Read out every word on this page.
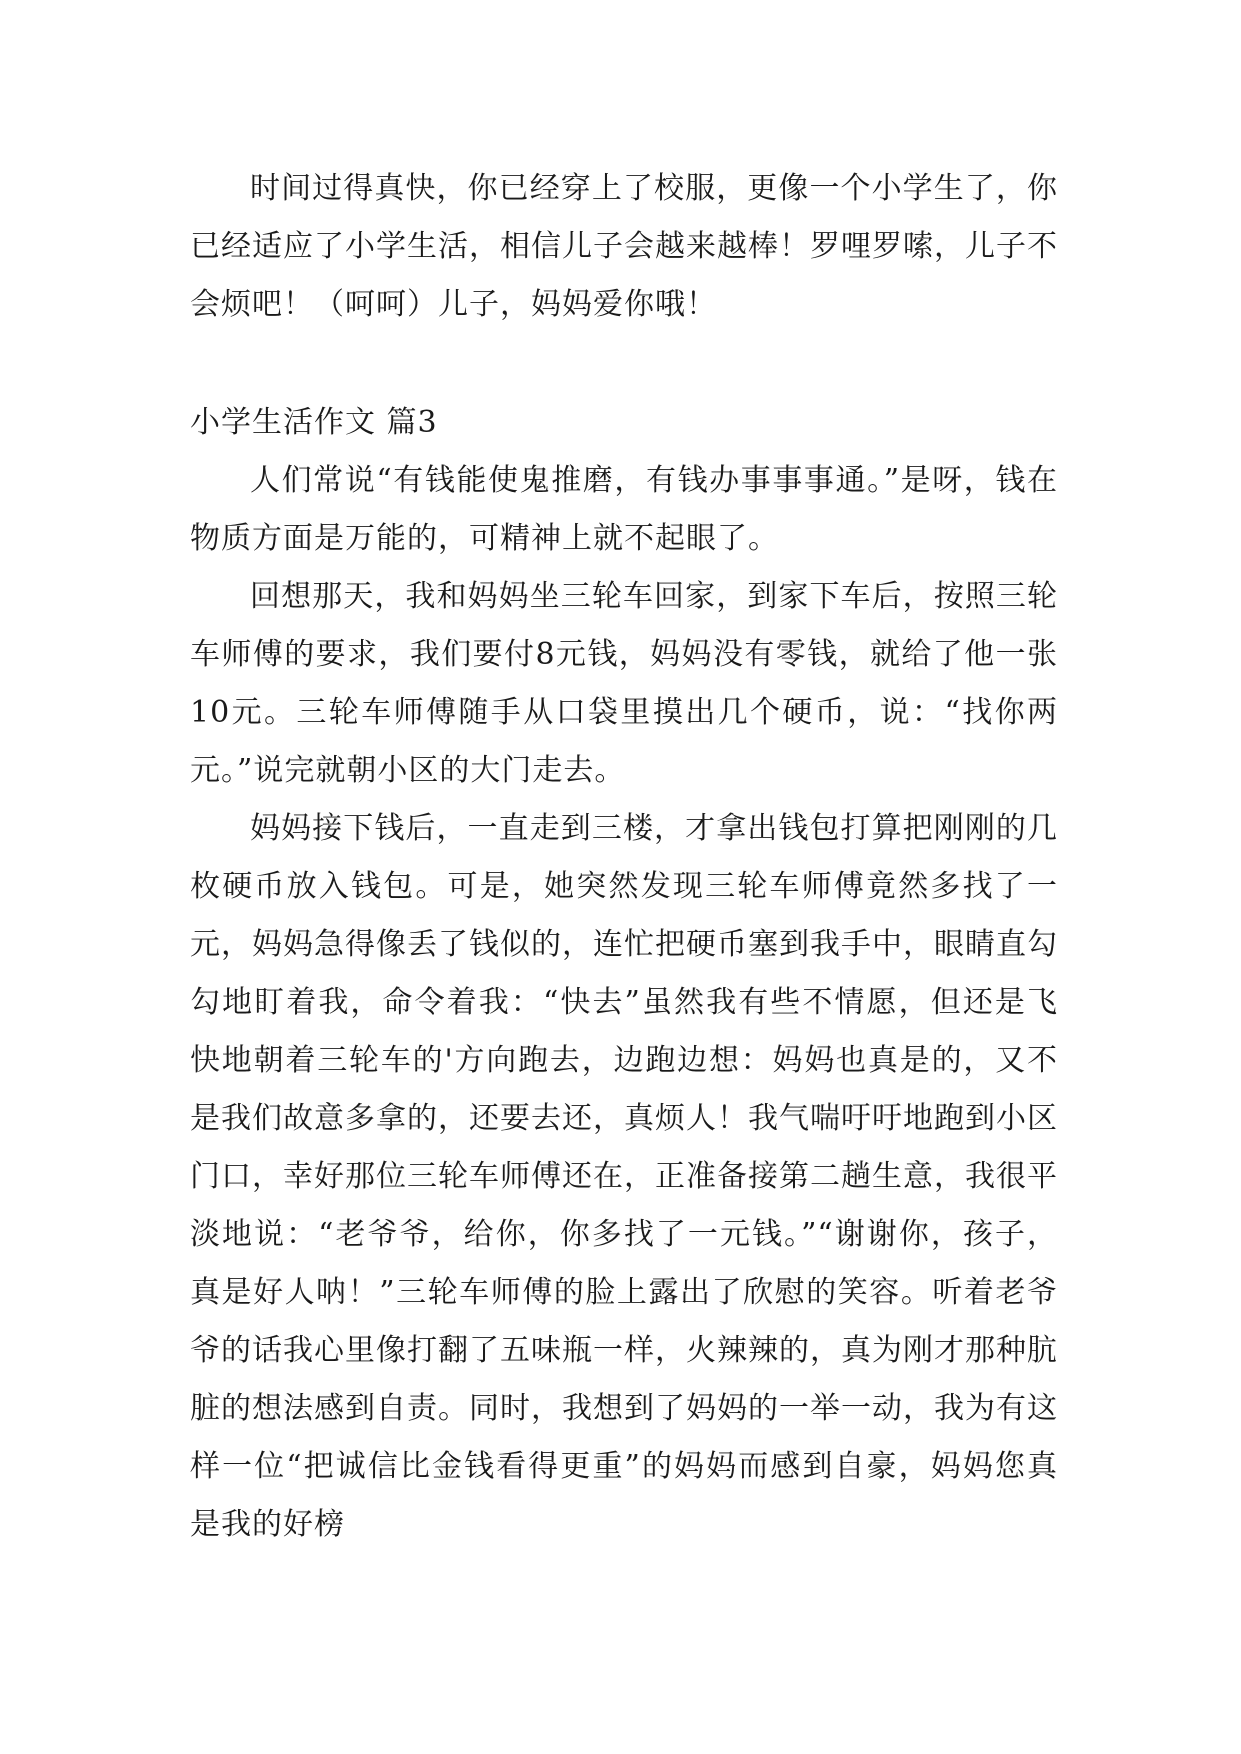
时间过得真快，你已经穿上了校服，更像一个小学生了，你已经适应了小学生活，相信儿子会越来越棒！罗哩罗嗦，儿子不会烦吧！（呵呵）儿子，妈妈爱你哦！

小学生活作文 篇3

人们常说“有钱能使鬼推磨，有钱办事事事通。”是呀，钱在物质方面是万能的，可精神上就不起眼了。

回想那天，我和妈妈坐三轮车回家，到家下车后，按照三轮车师傅的要求，我们要付8元钱，妈妈没有零钱，就给了他一张10元。三轮车师傅随手从口袋里摸出几个硬币，说：“找你两元。”说完就朝小区的大门走去。

妈妈接下钱后，一直走到三楼，才拿出钱包打算把刚刚的几枚硬币放入钱包。可是，她突然发现三轮车师傅竟然多找了一元，妈妈急得像丢了钱似的，连忙把硬币塞到我手中，眼睛直勾勾地盯着我，命令着我：“快去”虽然我有些不情愿，但还是飞快地朝着三轮车的'方向跑去，边跑边想：妈妈也真是的，又不是我们故意多拿的，还要去还，真烦人！我气喘吁吁地跑到小区门口，幸好那位三轮车师傅还在，正准备接第二趟生意，我很平淡地说：“老爷爷，给你，你多找了一元钱。”“谢谢你，孩子，真是好人呐！”三轮车师傅的脸上露出了欣慰的笑容。听着老爷爷的话我心里像打翻了五味瓶一样，火辣辣的，真为刚才那种肮脏的想法感到自责。同时，我想到了妈妈的一举一动，我为有这样一位“把诚信比金钱看得更重”的妈妈而感到自豪，妈妈您真是我的好榜
